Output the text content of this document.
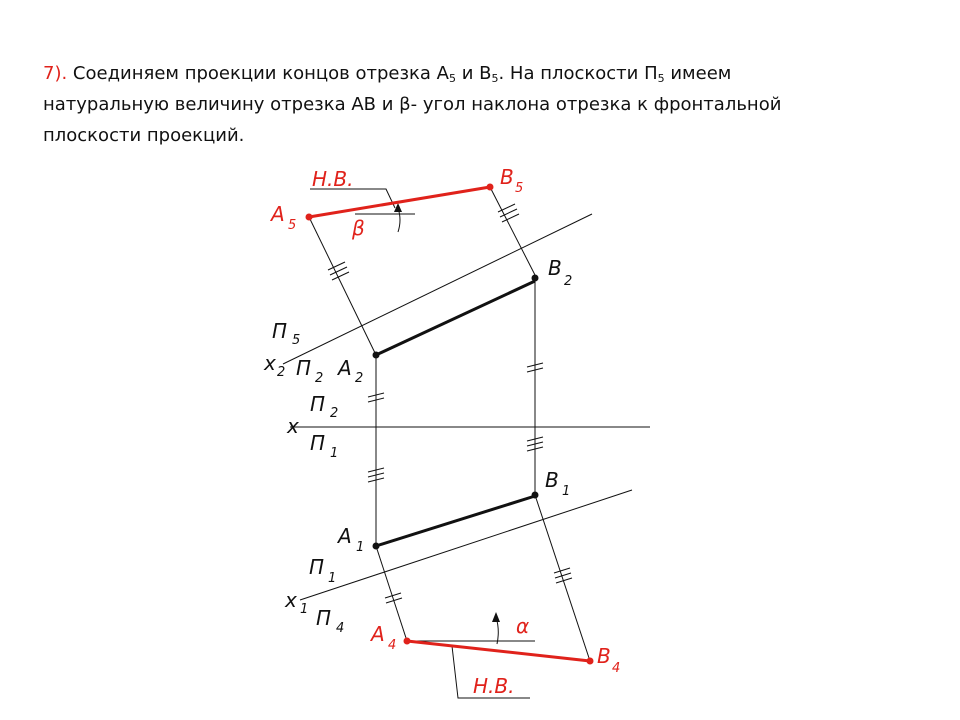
7). Соединяем проекции концов отрезка $А_5$ и $В_5$. На плоскости $П_5$ имеем натуральную величину отрезка АВ и β- угол наклона отрезка к фронтальной плоскости проекций.
Н.В.
β
A 5
B 5
A 4	B
4
α
Н.В.
B
2
П 5
x 2 П 2 A 2
П 2
x
П 1
B 1
A 1
П 1
x 1 П 4
